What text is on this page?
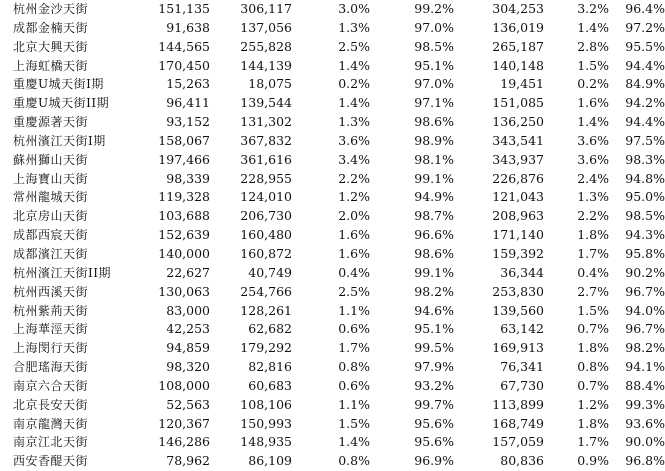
杭州金沙天街	151,135	306,117	3.0%	99.2%	304,253	3.2%	96.4%
成都金楠天街	91,638	137,056	1.3%	97.0%	136,019	1.4%	97.2%
北京大興天街	144,565	255,828	2.5%	98.5%	265,187	2.8%	95.5%
上海虹橋天街	170,450	144,139	1.4%	95.1%	140,148	1.5%	94.4%
重慶U城天街I期	15,263	18,075	0.2%	97.0%	19,451	0.2%	84.9%
重慶U城天街II期	96,411	139,544	1.4%	97.1%	151,085	1.6%	94.2%
重慶源著天街	93,152	131,302	1.3%	98.6%	136,250	1.4%	94.4%
杭州濱江天街I期	158,067	367,832	3.6%	98.9%	343,541	3.6%	97.5%
蘇州獅山天街	197,466	361,616	3.4%	98.1%	343,937	3.6%	98.3%
上海寶山天街	98,339	228,955	2.2%	99.1%	226,876	2.4%	94.8%
常州龍城天街	119,328	124,010	1.2%	94.9%	121,043	1.3%	95.0%
北京房山天街	103,688	206,730	2.0%	98.7%	208,963	2.2%	98.5%
成都西宸天街	152,639	160,480	1.6%	96.6%	171,140	1.8%	94.3%
成都濱江天街	140,000	160,872	1.6%	98.6%	159,392	1.7%	95.8%
杭州濱江天街II期	22,627	40,749	0.4%	99.1%	36,344	0.4%	90.2%
杭州西溪天街	130,063	254,766	2.5%	98.2%	253,830	2.7%	96.7%
杭州紫荊天街	83,000	128,261	1.1%	94.6%	139,560	1.5%	94.0%
上海華涇天街	42,253	62,682	0.6%	95.1%	63,142	0.7%	96.7%
上海閔行天街	94,859	179,292	1.7%	99.5%	169,913	1.8%	98.2%
合肥瑤海天街	98,320	82,816	0.8%	97.9%	76,341	0.8%	94.1%
南京六合天街	108,000	60,683	0.6%	93.2%	67,730	0.7%	88.4%
北京長安天街	52,563	108,106	1.1%	99.7%	113,899	1.2%	99.3%
南京龍灣天街	120,367	150,993	1.5%	95.6%	168,749	1.8%	93.6%
南京江北天街	146,286	148,935	1.4%	95.6%	157,059	1.7%	90.0%
西安香醍天街	78,962	86,109	0.8%	96.9%	80,836	0.9%	96.8%
